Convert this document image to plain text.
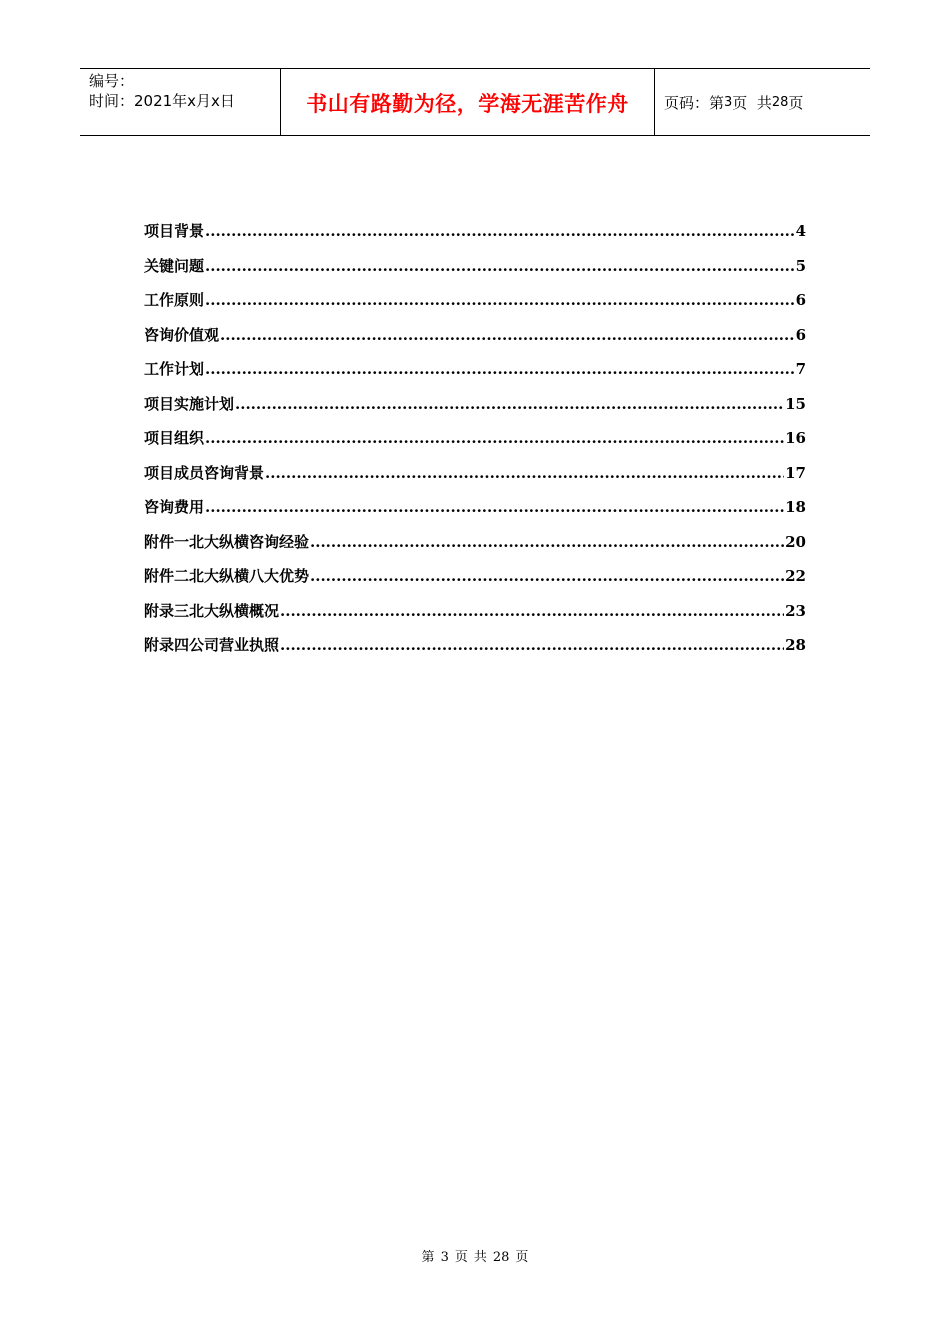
编号：
时间：2021年x月x日	书山有路勤为径，学海无涯苦作舟 页码：第 3 页  共 28 页
项目背景 .....	4
关键问题 .....	5
工作原则 .....	6
咨询价值观 .....	6
工作计划 .....	7
项目实施计划 .....	15
项目组织 .....	16
项目成员咨询背景 .....	17
咨询费用 .....	18
附件一北大纵横咨询经验 .....	20
附件二北大纵横八大优势 .....	22
附录三北大纵横概况 .....	23
附录四公司营业执照 .....	28
第 3 页 共 28 页
